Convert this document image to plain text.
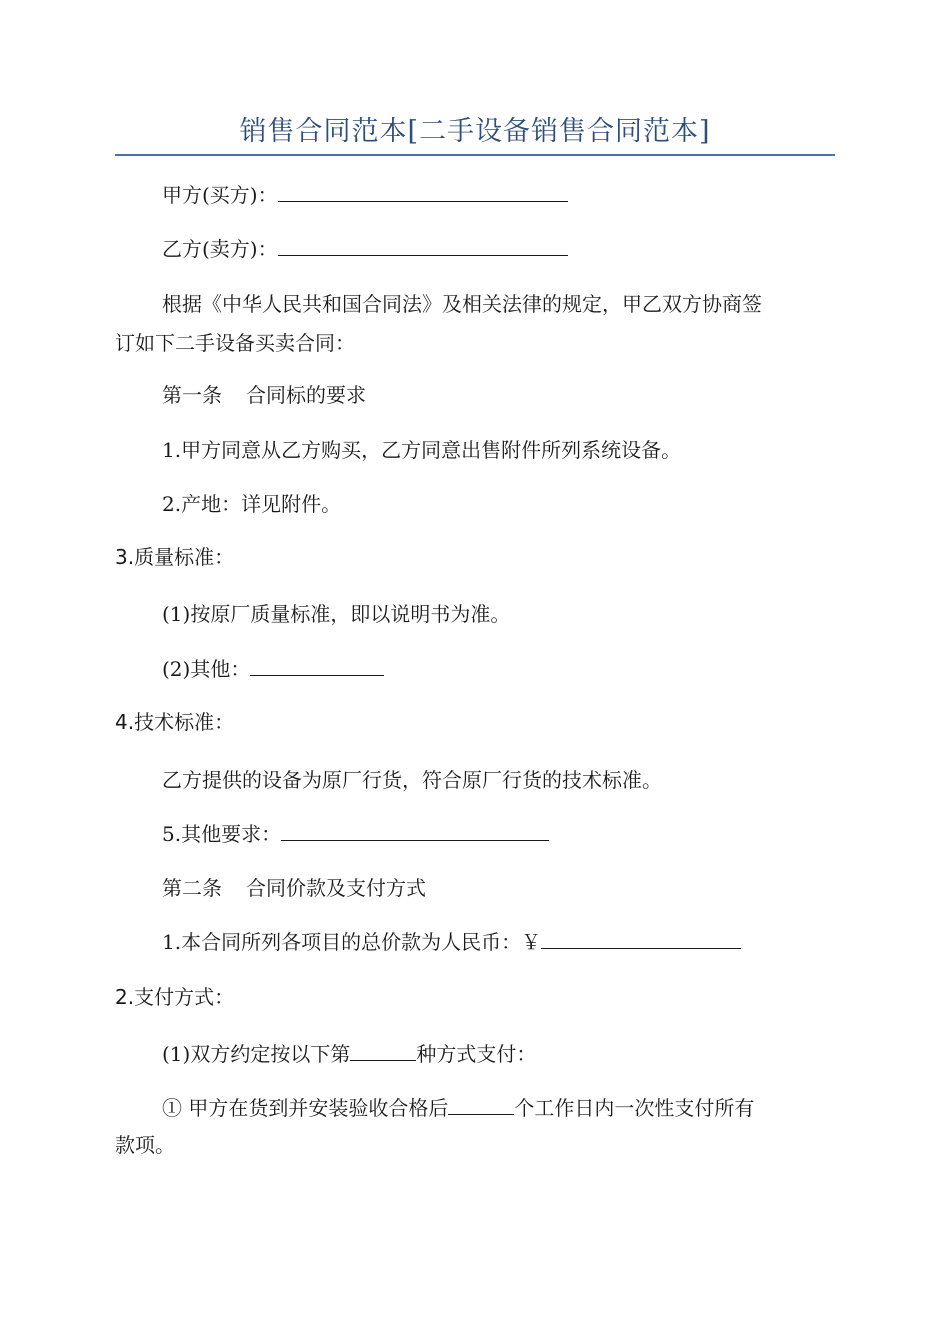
销售合同范本[二手设备销售合同范本]
甲方(买方)：
乙方(卖方)：
根据《中华人民共和国合同法》及相关法律的规定，甲乙双方协商签
订如下二手设备买卖合同：
第一条 合同标的要求
1.甲方同意从乙方购买，乙方同意出售附件所列系统设备。
2.产地：详见附件。
3.质量标准：
(1)按原厂质量标准，即以说明书为准。
(2)其他：
4.技术标准：
乙方提供的设备为原厂行货，符合原厂行货的技术标准。
5.其他要求：
第二条 合同价款及支付方式
1.本合同所列各项目的总价款为人民币：￥
2.支付方式：
(1)双方约定按以下第	种方式支付：
① 甲方在货到并安装验收合格后	个工作日内一次性支付所有
款项。
